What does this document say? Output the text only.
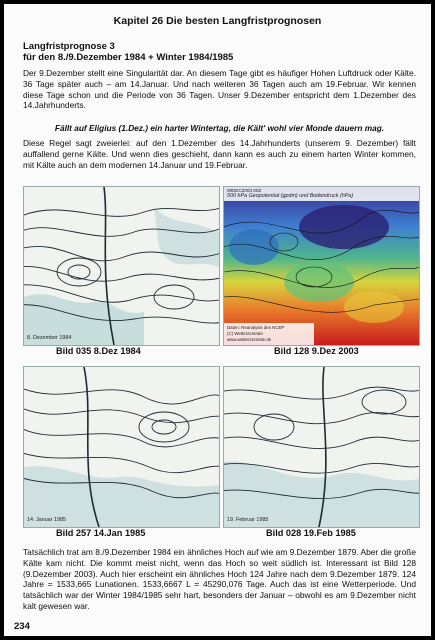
Kapitel 26 Die besten Langfristprognosen
Langfristprognose 3
für den 8./9.Dezember 1984 + Winter 1984/1985
Der 9.Dezember stellt eine Singularität dar. An diesem Tage gibt es häufiger Hohen Luftdruck oder Kälte. 36 Tage später auch – am 14.Januar. Und nach weiteren 36 Tagen auch am 19.Februar. Wir kennen diese Tage schon und die Periode von 36 Tagen. Unser 9.Dezember entspricht dem 1.Dezember des 14.Jahrhunderts.
Fällt auf Eligius (1.Dez.) ein harter Wintertag, die Kält' wohl vier Monde dauern mag.
Diese Regel sagt zweierlei: auf den 1.Dezember des 14.Jahrhunderts (unserem 9. Dezember) fällt auffallend gerne Kälte. Und wenn dies geschieht, dann kann es auch zu einem harten Winter kommen, mit Kälte auch an dem modernen 14.Januar und 19.Februar.
8. Dezember 1984
Bild 035 8.Dez 1984
09DEC2003 00Z
500 hPa Geopotential (gpdm) und Bodendruck (hPa)
Daten: Reanalysis des NCEP
(C) Wetterzentrale
www.wetterzentrale.de
Bild 128 9.Dez 2003
14. Januar 1985
Bild 257 14.Jan 1985
19. Februar 1985
Bild 028 19.Feb 1985
Tatsächlich trat am 8./9.Dezember 1984 ein ähnliches Hoch auf wie am 9.Dezember 1879. Aber die große Kälte kam nicht. Die kommt meist nicht, wenn das Hoch so weit südlich ist. Interessant ist Bild 128 (9.Dezember 2003). Auch hier erscheint ein ähnliches Hoch 124 Jahre nach dem 9.Dezember 1879. 124 Jahre = 1533,665 Lunationen. 1533,6667 L = 45290,076 Tage. Auch das ist eine Wetterperiode. Und tatsächlich war der Winter 1984/1985 sehr hart, besonders der Januar – obwohl es am 9.Dezember nicht kalt gewesen war.
234
